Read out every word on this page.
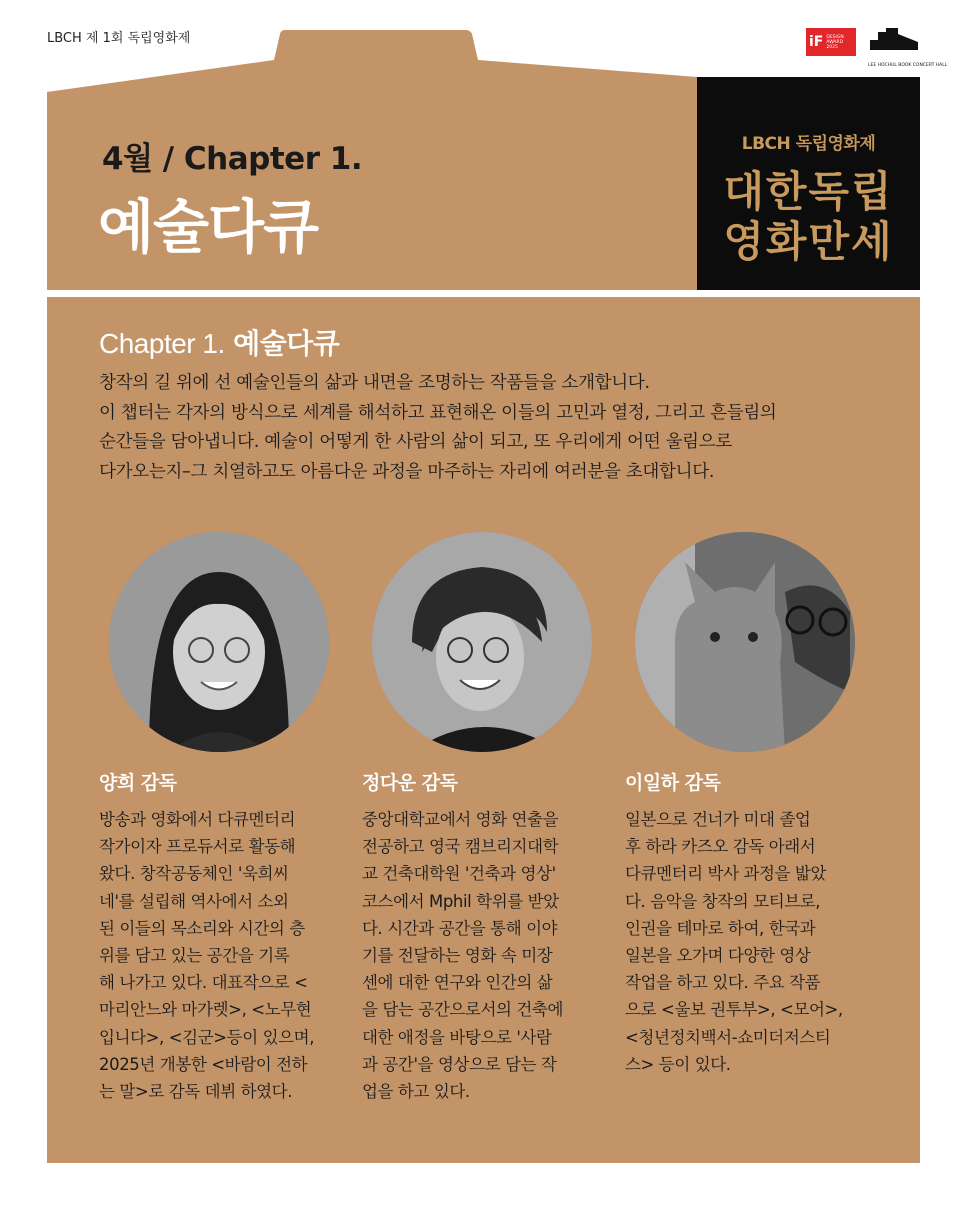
LBCH 제 1회 독립영화제	iF DESIGN AWARD 2025
LEE HOCHUL BOOK CONCERT HALL
4월 / Chapter 1.
예술다큐
LBCH 독립영화제
대한독립
영화만세
Chapter 1. 예술다큐

창작의 길 위에 선 예술인들의 삶과 내면을 조명하는 작품들을 소개합니다.

이 챕터는 각자의 방식으로 세계를 해석하고 표현해온 이들의 고민과 열정, 그리고 흔들림의

순간들을 담아냅니다. 예술이 어떻게 한 사람의 삶이 되고, 또 우리에게 어떤 울림으로

다가오는지–그 치열하고도 아름다운 과정을 마주하는 자리에 여러분을 초대합니다.

양희 감독	정다운 감독	이일하 감독

방송과 영화에서 다큐멘터리

작가이자 프로듀서로 활동해

왔다. 창작공동체인 '욱희씨

네'를 설립해 역사에서 소외

된 이들의 목소리와 시간의 층

위를 담고 있는 공간을 기록

해 나가고 있다. 대표작으로 <

마리안느와 마가렛>, <노무현

입니다>, <김군>등이 있으며,

2025년 개봉한 <바람이 전하

는 말>로 감독 데뷔 하였다.

중앙대학교에서 영화 연출을

전공하고 영국 캠브리지대학

교 건축대학원 '건축과 영상'

코스에서 Mphil 학위를 받았

다. 시간과 공간을 통해 이야

기를 전달하는 영화 속 미장

센에 대한 연구와 인간의 삶

을 담는 공간으로서의 건축에

대한 애정을 바탕으로 '사람

과 공간'을 영상으로 담는 작

업을 하고 있다.

일본으로 건너가 미대 졸업

후 하라 카즈오 감독 아래서

다큐멘터리 박사 과정을 밟았

다. 음악을 창작의 모티브로,

인권을 테마로 하여, 한국과

일본을 오가며 다양한 영상

작업을 하고 있다. 주요 작품

으로 <울보 권투부>, <모어>,

<청년정치백서-쇼미더저스티

스> 등이 있다.
